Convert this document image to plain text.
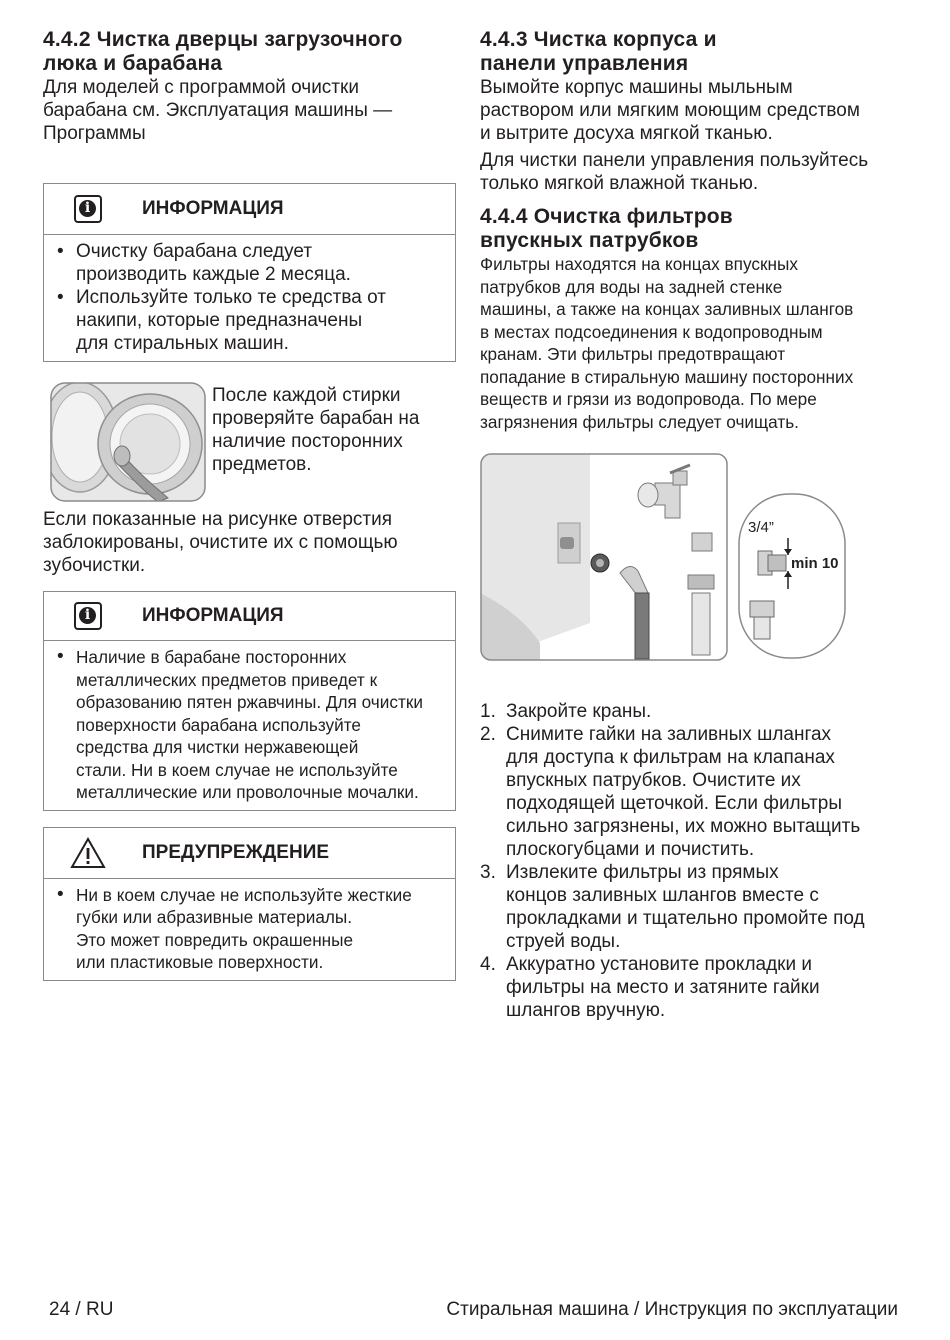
4.4.2 Чистка дверцы загрузочного
люка и барабана

Для моделей с программой очистки
барабана см. Эксплуатация машины —
Программы

i	ИНФОРМАЦИЯ
• Очистку барабана следует
производить каждые 2 месяца.
• Используйте только те средства от
накипи, которые предназначены
для стиральных машин.

После каждой стирки
проверяйте барабан на
наличие посторонних
предметов.

Если показанные на рисунке отверстия
заблокированы, очистите их с помощью
зубочистки.

i	ИНФОРМАЦИЯ
• Наличие в барабане посторонних
металлических предметов приведет к
образованию пятен ржавчины. Для очистки
поверхности барабана используйте
средства для чистки нержавеющей
стали. Ни в коем случае не используйте
металлические или проволочные мочалки.
ПРЕДУПРЕЖДЕНИЕ
• Ни в коем случае не используйте жесткие
губки или абразивные материалы.
Это может повредить окрашенные
или пластиковые поверхности.
4.4.3 Чистка корпуса и
панели управления

Вымойте корпус машины мыльным
раствором или мягким моющим средством
и вытрите досуха мягкой тканью.

Для чистки панели управления пользуйтесь
только мягкой влажной тканью.

4.4.4 Очистка фильтров
впускных патрубков

Фильтры находятся на концах впускных
патрубков для воды на задней стенке
машины, а также на концах заливных шлангов
в местах подсоединения к водопроводным
кранам. Эти фильтры предотвращают
попадание в стиральную машину посторонних
веществ и грязи из водопровода. По мере
загрязнения фильтры следует очищать.

3/4”
min 10
1. Закройте краны.
2. Снимите гайки на заливных шлангах
для доступа к фильтрам на клапанах
впускных патрубков. Очистите их
подходящей щеточкой. Если фильтры
сильно загрязнены, их можно вытащить
плоскогубцами и почистить.
3. Извлеките фильтры из прямых
концов заливных шлангов вместе с
прокладками и тщательно промойте под
струей воды.
4. Аккуратно установите прокладки и
фильтры на место и затяните гайки
шлангов вручную.
24 / RU	Стиральная машина / Инструкция по эксплуатации
